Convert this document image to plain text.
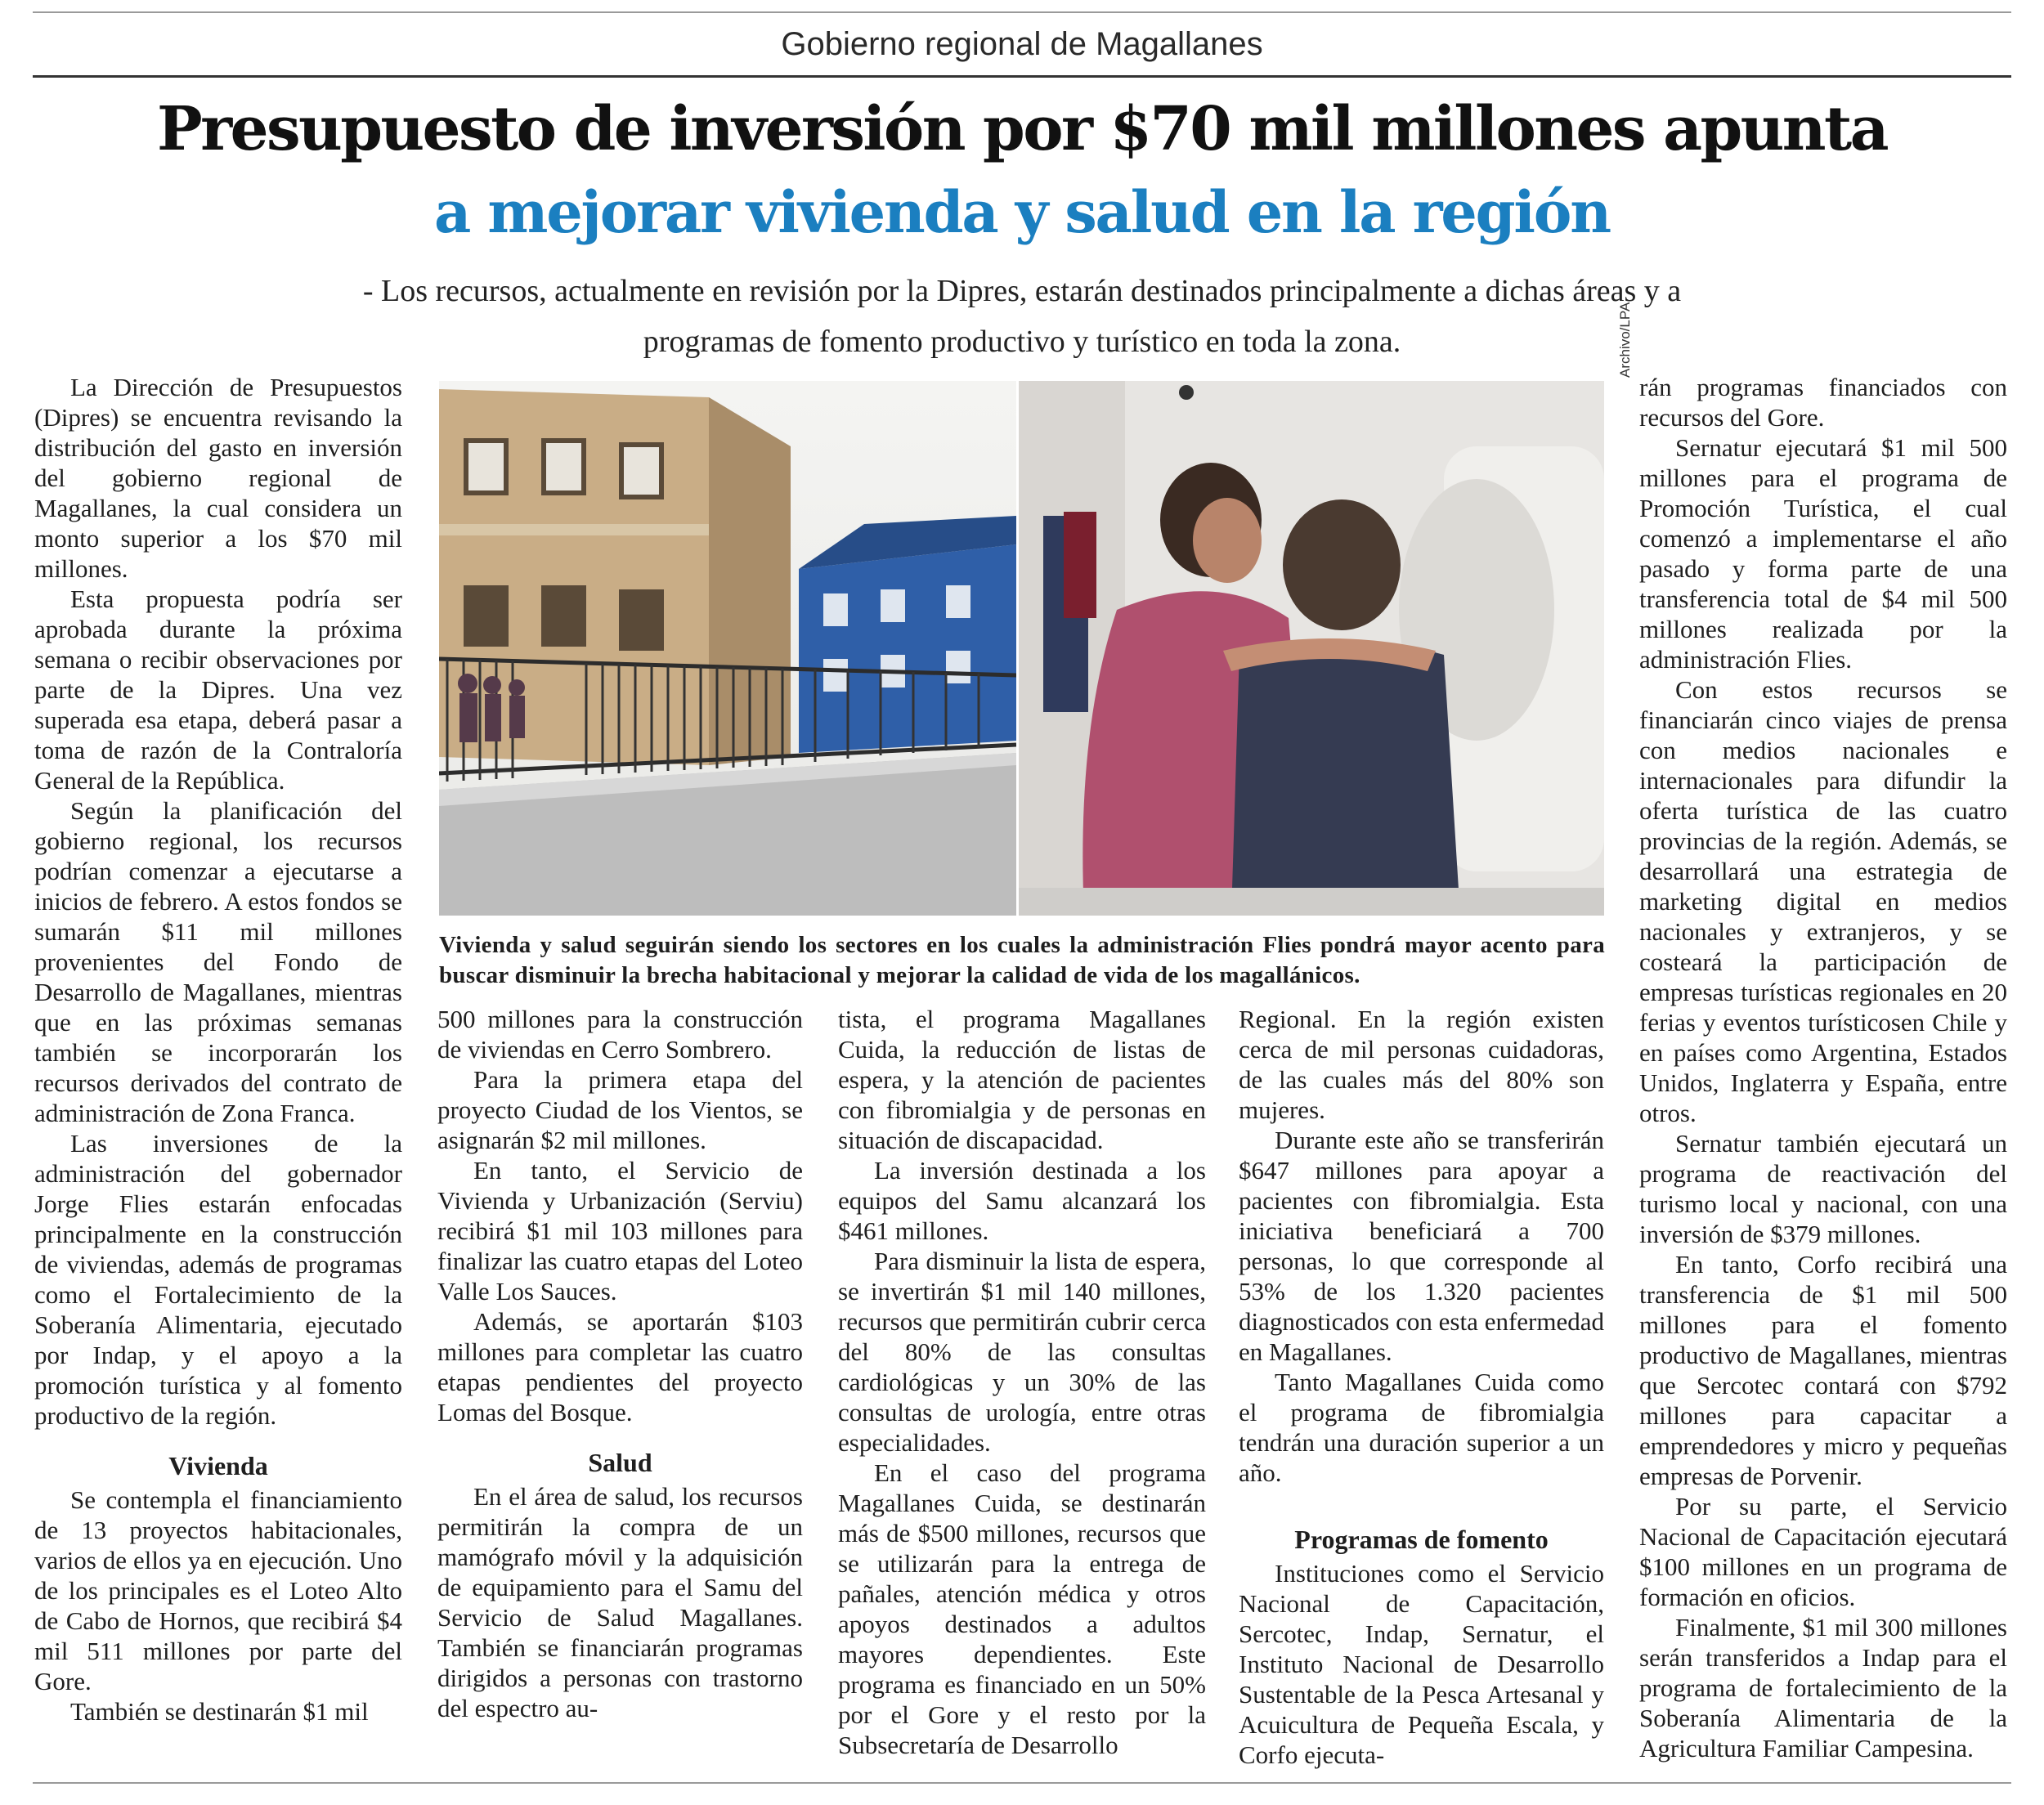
Gobierno regional de Magallanes
Presupuesto de inversión por $70 mil millones apunta
a mejorar vivienda y salud en la región
- Los recursos, actualmente en revisión por la Dipres, estarán destinados principalmente a dichas áreas y a programas de fomento productivo y turístico en toda la zona.

La Dirección de Presupuestos (Dipres) se encuentra revisando la distribución del gasto en inversión del gobierno regional de Magallanes, la cual considera un monto superior a los $70 mil millones.

Esta propuesta podría ser aprobada durante la próxima semana o recibir observaciones por parte de la Dipres. Una vez superada esa etapa, deberá pasar a toma de razón de la Contraloría General de la República.

Según la planificación del gobierno regional, los recursos podrían comenzar a ejecutarse a inicios de febrero. A estos fondos se sumarán $11 mil millones provenientes del Fondo de Desarrollo de Magallanes, mientras que en las próximas semanas también se incorporarán los recursos derivados del contrato de administración de Zona Franca.

Las inversiones de la administración del gobernador Jorge Flies estarán enfocadas principalmente en la construcción de viviendas, además de programas como el Fortalecimiento de la Soberanía Alimentaria, ejecutado por Indap, y el apoyo a la promoción turística y al fomento productivo de la región.

Vivienda

Se contempla el financiamiento de 13 proyectos habitacionales, varios de ellos ya en ejecución. Uno de los principales es el Loteo Alto de Cabo de Hornos, que recibirá $4 mil 511 millones por parte del Gore.

También se destinarán $1 mil

Archivo/LPA
Vivienda y salud seguirán siendo los sectores en los cuales la administración Flies pondrá mayor acento para buscar disminuir la brecha habitacional y mejorar la calidad de vida de los magallánicos.

500 millones para la construcción de viviendas en Cerro Sombrero.

Para la primera etapa del proyecto Ciudad de los Vientos, se asignarán $2 mil millones.

En tanto, el Servicio de Vivienda y Urbanización (Serviu) recibirá $1 mil 103 millones para finalizar las cuatro etapas del Loteo Valle Los Sauces.

Además, se aportarán $103 millones para completar las cuatro etapas pendientes del proyecto Lomas del Bosque.

Salud

En el área de salud, los recursos permitirán la compra de un mamógrafo móvil y la adquisición de equipamiento para el Samu del Servicio de Salud Magallanes. También se financiarán programas dirigidos a personas con trastorno del espectro au-

tista, el programa Magallanes Cuida, la reducción de listas de espera, y la atención de pacientes con fibromialgia y de personas en situación de discapacidad.

La inversión destinada a los equipos del Samu alcanzará los $461 millones.

Para disminuir la lista de espera, se invertirán $1 mil 140 millones, recursos que permitirán cubrir cerca del 80% de las consultas cardiológicas y un 30% de las consultas de urología, entre otras especialidades.

En el caso del programa Magallanes Cuida, se destinarán más de $500 millones, recursos que se utilizarán para la entrega de pañales, atención médica y otros apoyos destinados a adultos mayores dependientes. Este programa es financiado en un 50% por el Gore y el resto por la Subsecretaría de Desarrollo

Regional. En la región existen cerca de mil personas cuidadoras, de las cuales más del 80% son mujeres.

Durante este año se transferirán $647 millones para apoyar a pacientes con fibromialgia. Esta iniciativa beneficiará a 700 personas, lo que corresponde al 53% de los 1.320 pacientes diagnosticados con esta enfermedad en Magallanes.

Tanto Magallanes Cuida como el programa de fibromialgia tendrán una duración superior a un año.

Programas de fomento

Instituciones como el Servicio Nacional de Capacitación, Sercotec, Indap, Sernatur, el Instituto Nacional de Desarrollo Sustentable de la Pesca Artesanal y Acuicultura de Pequeña Escala, y Corfo ejecuta-

rán programas financiados con recursos del Gore.

Sernatur ejecutará $1 mil 500 millones para el programa de Promoción Turística, el cual comenzó a implementarse el año pasado y forma parte de una transferencia total de $4 mil 500 millones realizada por la administración Flies.

Con estos recursos se financiarán cinco viajes de prensa con medios nacionales e internacionales para difundir la oferta turística de las cuatro provincias de la región. Además, se desarrollará una estrategia de marketing digital en medios nacionales y extranjeros, y se costeará la participación de empresas turísticas regionales en 20 ferias y eventos turísticosen Chile y en países como Argentina, Estados Unidos, Inglaterra y España, entre otros.

Sernatur también ejecutará un programa de reactivación del turismo local y nacional, con una inversión de $379 millones.

En tanto, Corfo recibirá una transferencia de $1 mil 500 millones para el fomento productivo de Magallanes, mientras que Sercotec contará con $792 millones para capacitar a emprendedores y micro y pequeñas empresas de Porvenir.

Por su parte, el Servicio Nacional de Capacitación ejecutará $100 millones en un programa de formación en oficios.

Finalmente, $1 mil 300 millones serán transferidos a Indap para el programa de fortalecimiento de la Soberanía Alimentaria de la Agricultura Familiar Campesina.
